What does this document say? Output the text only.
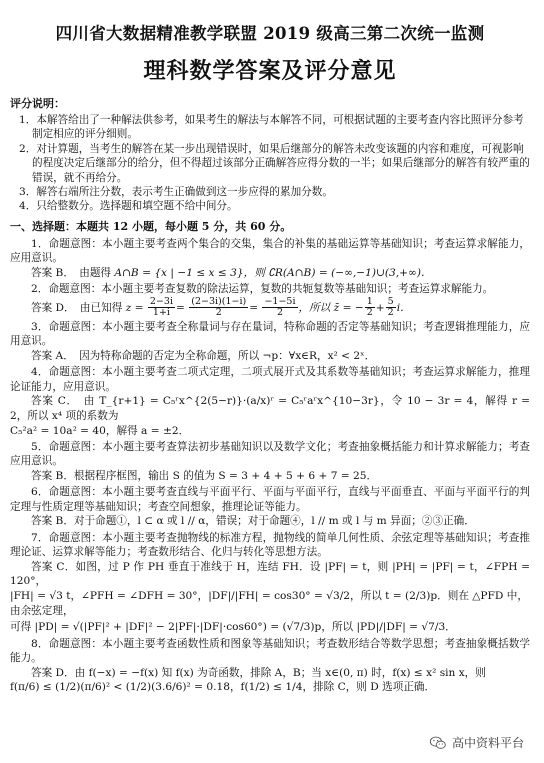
四川省大数据精准教学联盟 2019 级高三第二次统一监测
理科数学答案及评分意见
评分说明：

1．本解答给出了一种解法供参考，如果考生的解法与本解答不同，可根据试题的主要考查内容比照评分参考制定相应的评分细则。

2．对计算题，当考生的解答在某一步出现错误时，如果后继部分的解答未改变该题的内容和难度，可视影响的程度决定后继部分的给分，但不得超过该部分正确解答应得分数的一半；如果后继部分的解答有较严重的错误，就不再给分。

3．解答右端所注分数，表示考生正确做到这一步应得的累加分数。

4．只给整数分。选择题和填空题不给中间分。

一、选择题：本题共 12 小题，每小题 5 分，共 60 分。

1．命题意图：本小题主要考查两个集合的交集，集合的补集的基础运算等基础知识；考查运算求解能力，应用意识。

答案 B．　由题得 A∩B = {x | −1 ≤ x ≤ 3}，则 ∁R(A∩B) = (−∞,−1)∪(3,+∞)．

2．命题意图：本小题主要考查复数的除法运算，复数的共轭复数等基础知识；考查运算求解能力。

答案 D．　由已知得 $z = \frac{2-3i}{1+i} = \frac{(2-3i)(1-i)}{2} = \frac{-1-5i}{2}$ ，所以 z̄ = − $\frac{1}{2} + \frac{5}{2}$ i．

3．命题意图：本小题主要考查全称量词与存在量词，特称命题的否定等基础知识；考查逻辑推理能力，应用意识。

答案 A．　因为特称命题的否定为全称命题，所以 ¬p：∀x∈R，x² < 2ˣ．

4．命题意图：本小题主要考查二项式定理，二项式展开式及其系数等基础知识；考查运算求解能力，推理论证能力，应用意识。

答案 C．　由 T_{r+1} = C₅ʳx^{2(5−r)}·(a/x)ʳ = C₅ʳaʳx^{10−3r}，令 10 − 3r = 4，解得 r = 2，所以 x⁴ 项的系数为

C₅²a² = 10a² = 40，解得 a = ±2．

5．命题意图：本小题主要考查算法初步基础知识以及数学文化；考查抽象概括能力和计算求解能力；考查应用意识。

答案 B．根据程序框图，输出 S 的值为 S = 3 + 4 + 5 + 6 + 7 = 25．

6．命题意图：本小题主要考查直线与平面平行、平面与平面平行，直线与平面垂直、平面与平面平行的判定理与性质定理等基础知识；考查空间想象，推理论证等能力。

答案 B．对于命题①，l ⊂ α 或 l // α，错误；对于命题④，l // m 或 l 与 m 异面；②③正确．

7．命题意图：本小题主要考查抛物线的标准方程，抛物线的简单几何性质、余弦定理等基础知识；考查推理论证、运算求解等能力；考查数形结合、化归与转化等思想方法。

答案 C．如图，过 P 作 PH 垂直于准线于 H，连结 FH．设 |PF| = t，则 |PH| = |PF| = t，∠FPH = 120°，

|FH| = √3 t，∠PFH = ∠DFH = 30°，|DF|/|FH| = cos30° = √3/2，所以 t = (2/3)p．则在 △PFD 中，由余弦定理，

可得 |PD| = √(|PF|² + |DF|² − 2|PF|·|DF|·cos60°) = (√7/3)p，所以 |PD|/|DF| = √7/3．

8．命题意图：本小题主要考查函数性质和图象等基础知识；考查数形结合等数学思想；考查抽象概括数学能力。

答案 D．由 f(−x) = −f(x) 知 f(x) 为奇函数，排除 A，B；当 x∈(0, π) 时，f(x) ≤ x² sin x，则

f(π/6) ≤ (1/2)(π/6)² < (1/2)(3.6/6)² = 0.18，f(1/2) ≤ 1/4，排除 C，则 D 选项正确．

高中资料平台
